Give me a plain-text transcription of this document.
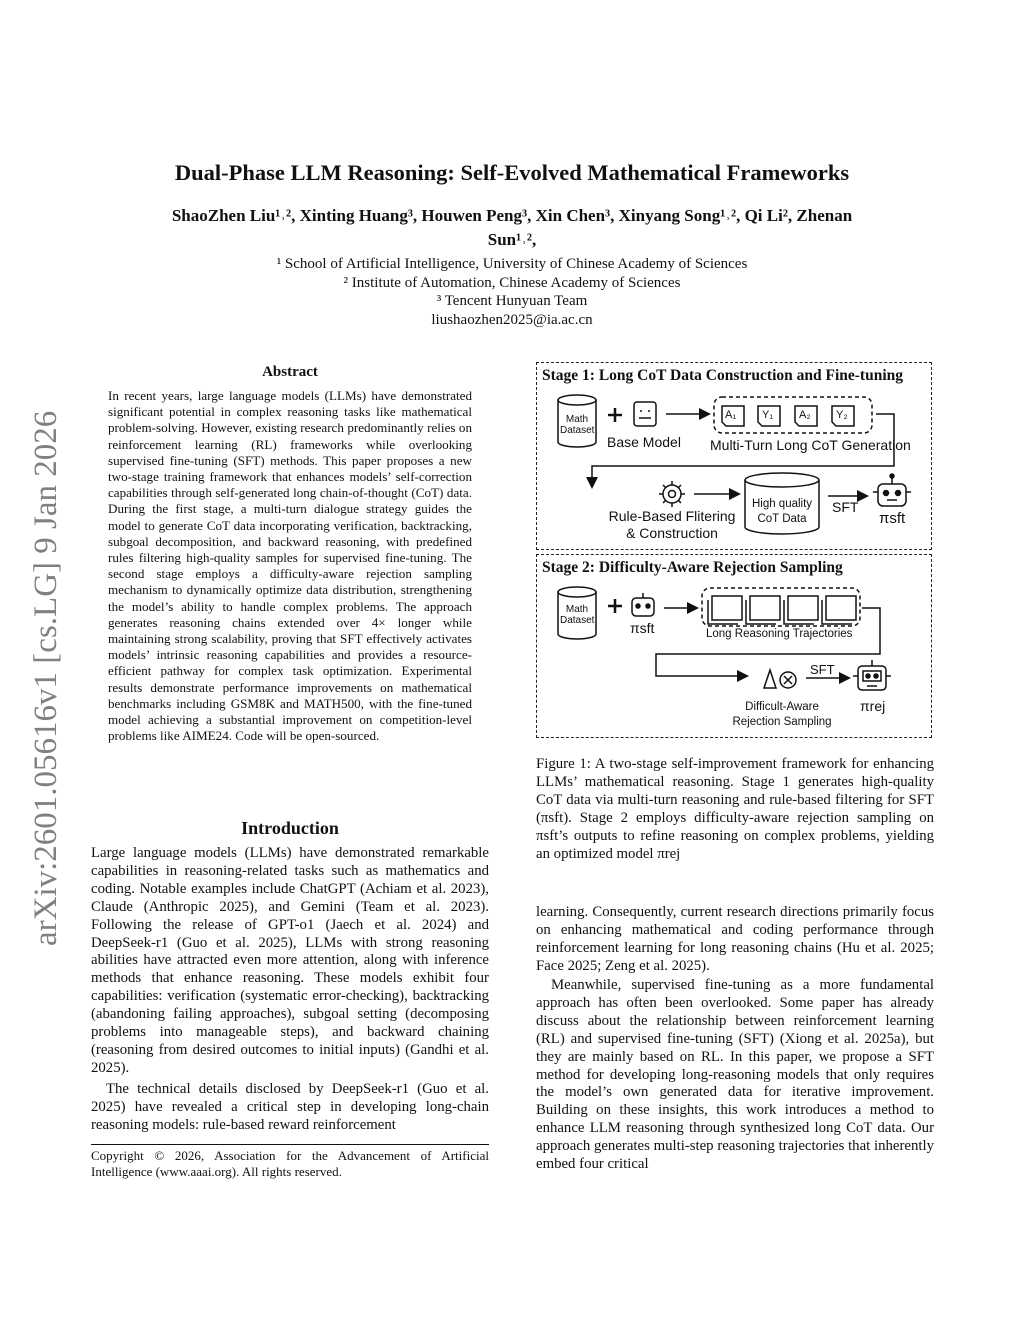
arXiv:2601.05616v1 [cs.LG] 9 Jan 2026
Dual-Phase LLM Reasoning: Self-Evolved Mathematical Frameworks
ShaoZhen Liu¹˒², Xinting Huang³, Houwen Peng³, Xin Chen³, Xinyang Song¹˒², Qi Li², Zhenan
Sun¹˒²,
¹ School of Artificial Intelligence, University of Chinese Academy of Sciences
² Institute of Automation, Chinese Academy of Sciences
³ Tencent Hunyuan Team
liushaozhen2025@ia.ac.cn
Abstract
In recent years, large language models (LLMs) have demonstrated significant potential in complex reasoning tasks like mathematical problem-solving. However, existing research predominantly relies on reinforcement learning (RL) frameworks while overlooking supervised fine-tuning (SFT) methods. This paper proposes a new two-stage training framework that enhances models’ self-correction capabilities through self-generated long chain-of-thought (CoT) data. During the first stage, a multi-turn dialogue strategy guides the model to generate CoT data incorporating verification, backtracking, subgoal decomposition, and backward reasoning, with predefined rules filtering high-quality samples for supervised fine-tuning. The second stage employs a difficulty-aware rejection sampling mechanism to dynamically optimize data distribution, strengthening the model’s ability to handle complex problems. The approach generates reasoning chains extended over 4× longer while maintaining strong scalability, proving that SFT effectively activates models’ intrinsic reasoning capabilities and provides a resource-efficient pathway for complex task optimization. Experimental results demonstrate performance improvements on mathematical benchmarks including GSM8K and MATH500, with the fine-tuned model achieving a substantial improvement on competition-level problems like AIME24. Code will be open-sourced.
Introduction
Large language models (LLMs) have demonstrated remarkable capabilities in reasoning-related tasks such as mathematics and coding. Notable examples include ChatGPT (Achiam et al. 2023), Claude (Anthropic 2025), and Gemini (Team et al. 2023). Following the release of GPT-o1 (Jaech et al. 2024) and DeepSeek-r1 (Guo et al. 2025), LLMs with strong reasoning abilities have attracted even more attention, along with inference methods that enhance reasoning. These models exhibit four capabilities: verification (systematic error-checking), backtracking (abandoning failing approaches), subgoal setting (decomposing problems into manageable steps), and backward chaining (reasoning from desired outcomes to initial inputs) (Gandhi et al. 2025).
The technical details disclosed by DeepSeek-r1 (Guo et al. 2025) have revealed a critical step in developing long-chain reasoning models: rule-based reward reinforcement
Copyright © 2026, Association for the Advancement of Artificial Intelligence (www.aaai.org). All rights reserved.
Stage 1: Long CoT Data Construction and Fine-tuning
Stage 2: Difficulty-Aware Rejection Sampling
Math
Dataset
Base Model Multi-Turn Long CoT Generation
A₁ Y₁ A₂ Y₂
Rule-Based Flitering
& Construction
High quality
CoT Data
SFT
πsft
Math
Dataset	πsft	Long Reasoning Trajectories
SFT
Difficult-Aware
Rejection Sampling
πrej
Figure 1: A two-stage self-improvement framework for enhancing LLMs’ mathematical reasoning. Stage 1 generates high-quality CoT data via multi-turn reasoning and rule-based filtering for SFT (πsft). Stage 2 employs difficulty-aware rejection sampling on πsft’s outputs to refine reasoning on complex problems, yielding an optimized model πrej
learning. Consequently, current research directions primarily focus on enhancing mathematical and coding performance through reinforcement learning for long reasoning chains (Hu et al. 2025; Face 2025; Zeng et al. 2025).
Meanwhile, supervised fine-tuning as a more fundamental approach has often been overlooked. Some paper has already discuss about the relationship between reinforcement learning (RL) and supervised fine-tuning (SFT) (Xiong et al. 2025a), but they are mainly based on RL. In this paper, we propose a SFT method for developing long-reasoning models that only requires the model’s own generated data for iterative improvement. Building on these insights, this work introduces a method to enhance LLM reasoning through synthesized long CoT data. Our approach generates multi-step reasoning trajectories that inherently embed four critical
